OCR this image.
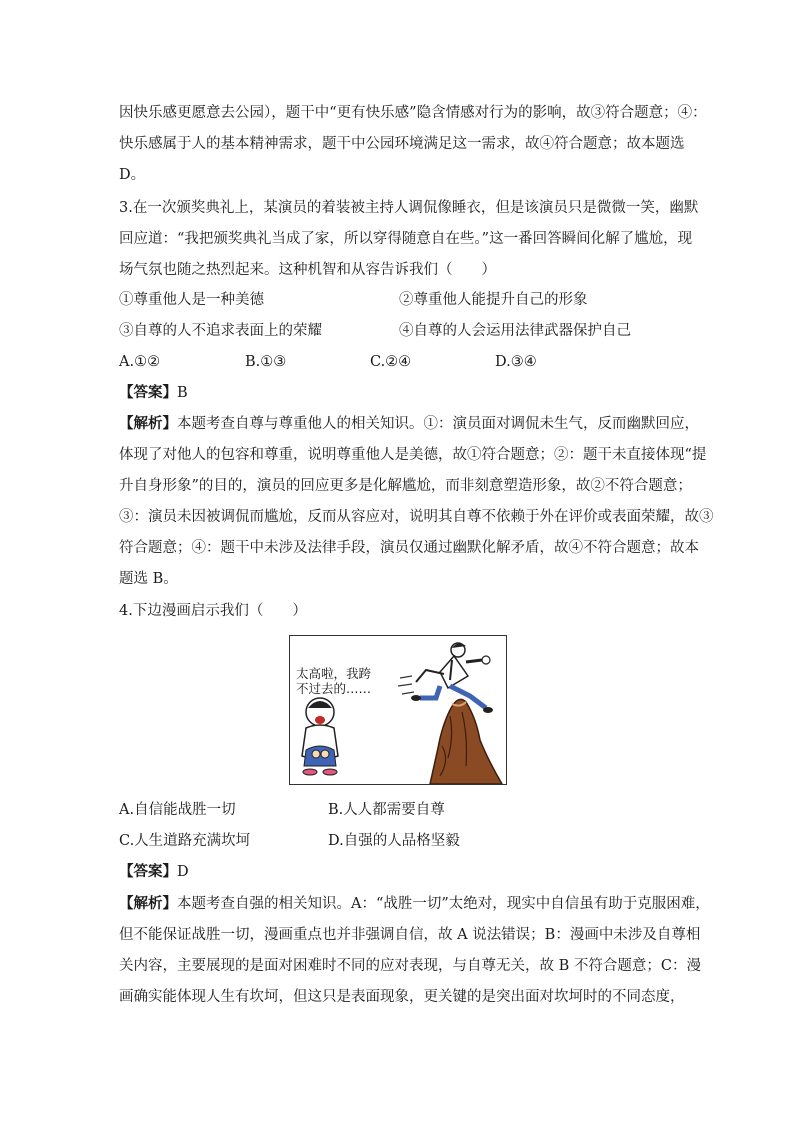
因快乐感更愿意去公园），题干中“更有快乐感”隐含情感对行为的影响，故③符合题意；④：
快乐感属于人的基本精神需求，题干中公园环境满足这一需求，故④符合题意；故本题选
D。
3.在一次颁奖典礼上，某演员的着装被主持人调侃像睡衣，但是该演员只是微微一笑，幽默
回应道：“我把颁奖典礼当成了家，所以穿得随意自在些。”这一番回答瞬间化解了尴尬，现
场气氛也随之热烈起来。这种机智和从容告诉我们（　　）
①尊重他人是一种美德	②尊重他人能提升自己的形象
③自尊的人不追求表面上的荣耀	④自尊的人会运用法律武器保护自己
A.①②	B.①③	C.②④	D.③④
【答案】B
【解析】本题考查自尊与尊重他人的相关知识。①：演员面对调侃未生气，反而幽默回应，
体现了对他人的包容和尊重，说明尊重他人是美德，故①符合题意；②：题干未直接体现“提
升自身形象”的目的，演员的回应更多是化解尴尬，而非刻意塑造形象，故②不符合题意；
③：演员未因被调侃而尴尬，反而从容应对，说明其自尊不依赖于外在评价或表面荣耀，故③
符合题意；④：题干中未涉及法律手段，演员仅通过幽默化解矛盾，故④不符合题意；故本
题选 B。
4.下边漫画启示我们（　　）
太高啦，我跨
不过去的……
A.自信能战胜一切	B.人人都需要自尊
C.人生道路充满坎坷	D.自强的人品格坚毅
【答案】D
【解析】本题考查自强的相关知识。A：“战胜一切”太绝对，现实中自信虽有助于克服困难，
但不能保证战胜一切，漫画重点也并非强调自信，故 A 说法错误；B：漫画中未涉及自尊相
关内容，主要展现的是面对困难时不同的应对表现，与自尊无关，故 B 不符合题意；C：漫
画确实能体现人生有坎坷，但这只是表面现象，更关键的是突出面对坎坷时的不同态度，
